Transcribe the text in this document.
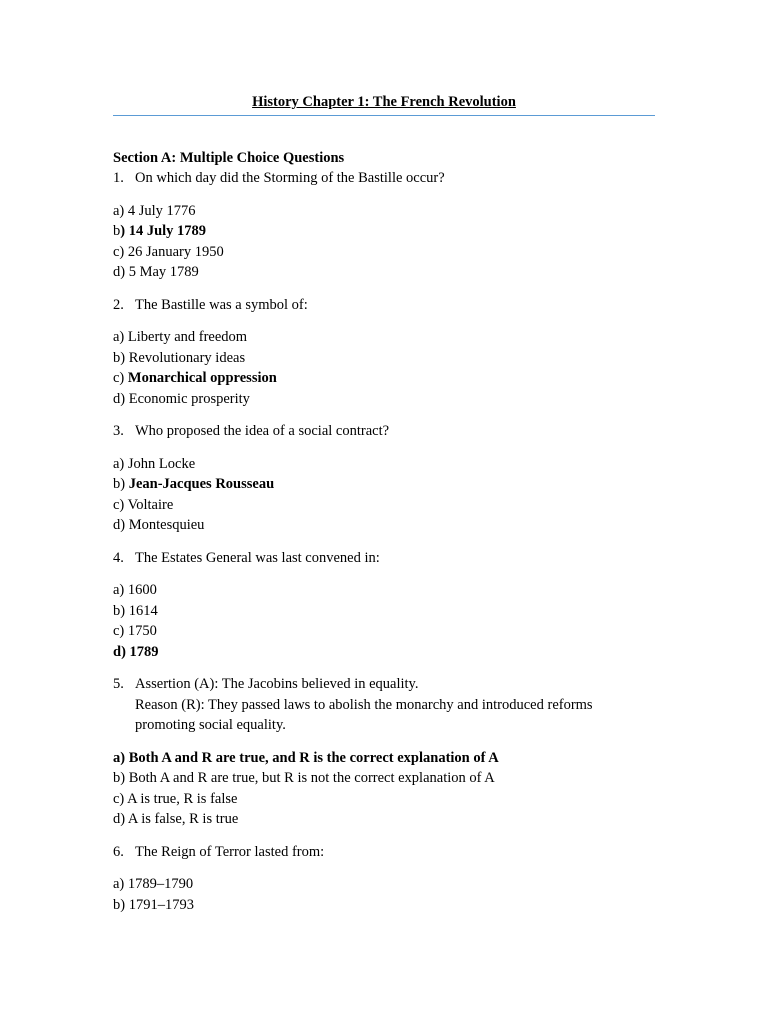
History Chapter 1: The French Revolution
Section A: Multiple Choice Questions
1. On which day did the Storming of the Bastille occur?
a) 4 July 1776
b) 14 July 1789
c) 26 January 1950
d) 5 May 1789
2. The Bastille was a symbol of:
a) Liberty and freedom
b) Revolutionary ideas
c) Monarchical oppression
d) Economic prosperity
3. Who proposed the idea of a social contract?
a) John Locke
b) Jean-Jacques Rousseau
c) Voltaire
d) Montesquieu
4. The Estates General was last convened in:
a) 1600
b) 1614
c) 1750
d) 1789
5. Assertion (A): The Jacobins believed in equality.
Reason (R): They passed laws to abolish the monarchy and introduced reforms promoting social equality.
a) Both A and R are true, and R is the correct explanation of A
b) Both A and R are true, but R is not the correct explanation of A
c) A is true, R is false
d) A is false, R is true
6. The Reign of Terror lasted from:
a) 1789–1790
b) 1791–1793
